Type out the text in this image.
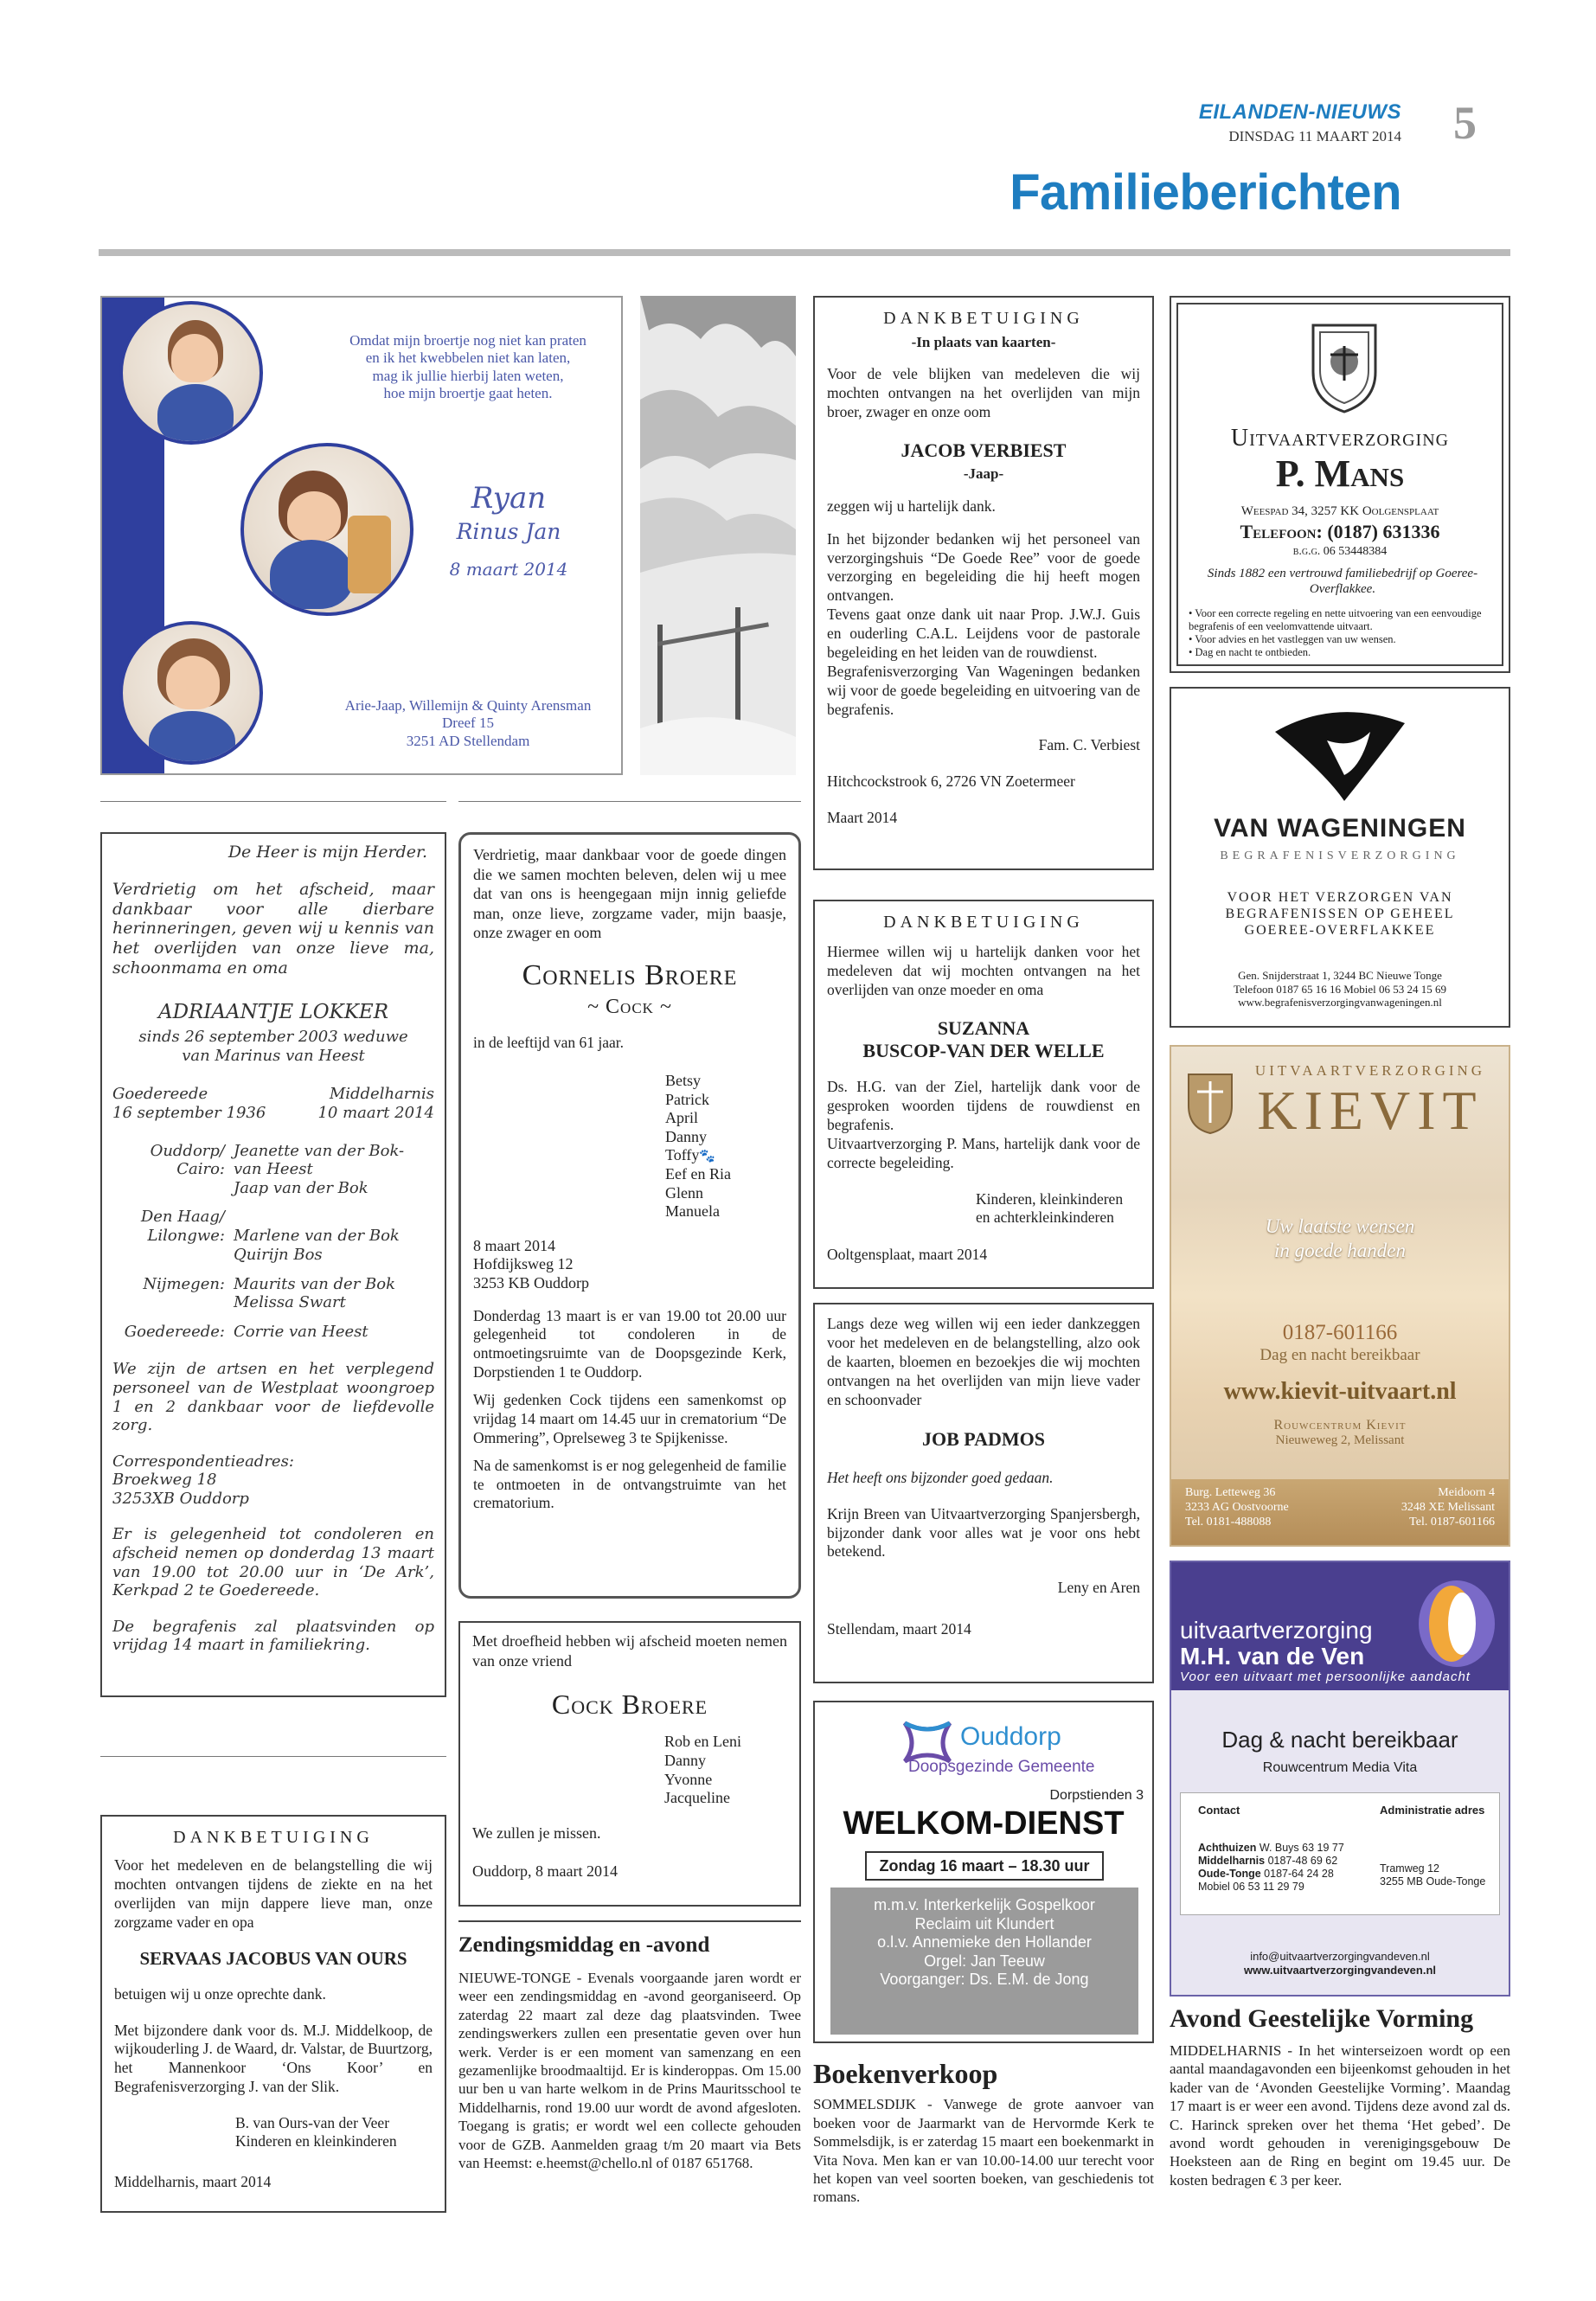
EILANDEN-NIEUWS
DINSDAG 11 MAART 2014 5
Familieberichten
Omdat mijn broertje nog niet kan praten
en ik het kwebbelen niet kan laten,
mag ik jullie hierbij laten weten,
hoe mijn broertje gaat heten.
Ryan
Rinus Jan
8 maart 2014
Arie-Jaap, Willemijn & Quinty Arensman
Dreef 15
3251 AD Stellendam
DANKBETUIGING
-In plaats van kaarten-
Voor de vele blijken van medeleven die wij mochten ontvangen na het overlijden van mijn broer, zwager en onze oom
JACOB VERBIEST
-Jaap-
zeggen wij u hartelijk dank.
In het bijzonder bedanken wij het personeel van verzorgingshuis “De Goede Ree” voor de goede verzorging en begeleiding die hij heeft mogen ontvangen.
Tevens gaat onze dank uit naar Prop. J.W.J. Guis en ouderling C.A.L. Leijdens voor de pastorale begeleiding en het leiden van de rouwdienst.
Begrafenisverzorging Van Wageningen bedanken wij voor de goede begeleiding en uitvoering van de begrafenis.
Fam. C. Verbiest
Hitchcockstrook 6, 2726 VN Zoetermeer
Maart 2014
Uitvaartverzorging
P. Mans
Weespad 34, 3257 KK Oolgensplaat
Telefoon: (0187) 631336
b.g.g. 06 53448384
Sinds 1882 een vertrouwd familiebedrijf op Goeree-Overflakkee.
• Voor een correcte regeling en nette uitvoering van een eenvoudige begrafenis of een veelomvattende uitvaart.
• Voor advies en het vastleggen van uw wensen.
• Dag en nacht te ontbieden.
VAN WAGENINGEN
BEGRAFENISVERZORGING
VOOR HET VERZORGEN VAN
BEGRAFENISSEN OP GEHEEL
GOEREE-OVERFLAKKEE
Gen. Snijderstraat 1, 3244 BC Nieuwe Tonge
Telefoon 0187 65 16 16 Mobiel 06 53 24 15 69
www.begrafenisverzorgingvanwageningen.nl
De Heer is mijn Herder.
Verdrietig om het afscheid, maar dankbaar voor alle dierbare herinneringen, geven wij u kennis van het overlijden van onze lieve ma, schoonmama en oma
ADRIAANTJE LOKKER
sinds 26 september 2003 weduwe
van Marinus van Heest
Goedereede
16 september 1936
Middelharnis
10 maart 2014
Ouddorp/
Cairo:
Jeanette van der Bok-
van Heest
Jaap van der Bok
Den Haag/
Lilongwe: Marlene van der Bok
Quirijn Bos
Nijmegen: Maurits van der Bok
Melissa Swart
Goedereede: Corrie van Heest
We zijn de artsen en het verplegend personeel van de Westplaat woongroep 1 en 2 dankbaar voor de liefdevolle zorg.
Correspondentieadres:
Broekweg 18
3253XB Ouddorp
Er is gelegenheid tot condoleren en afscheid nemen op donderdag 13 maart van 19.00 tot 20.00 uur in ‘De Ark’, Kerkpad 2 te Goedereede.
De begrafenis zal plaatsvinden op vrijdag 14 maart in familiekring.
Verdrietig, maar dankbaar voor de goede dingen die we samen mochten beleven, delen wij u mee dat van ons is heengegaan mijn innig geliefde man, onze lieve, zorgzame vader, mijn baasje, onze zwager en oom
Cornelis Broere
~ Cock ~
in de leeftijd van 61 jaar.
Betsy
Patrick
April
Danny
Toffy🐾
Eef en Ria
Glenn
Manuela
8 maart 2014
Hofdijksweg 12
3253 KB Ouddorp
Donderdag 13 maart is er van 19.00 tot 20.00 uur gelegenheid tot condoleren in de ontmoetingsruimte van de Doopsgezinde Kerk, Dorpstienden 1 te Ouddorp.
Wij gedenken Cock tijdens een samenkomst op vrijdag 14 maart om 14.45 uur in crematorium “De Ommering”, Oprelseweg 3 te Spijkenisse.
Na de samenkomst is er nog gelegenheid de familie te ontmoeten in de ontvangstruimte van het crematorium.
DANKBETUIGING
Hiermee willen wij u hartelijk danken voor het medeleven dat wij mochten ontvangen na het overlijden van onze moeder en oma
SUZANNA
BUSCOP-VAN DER WELLE
Ds. H.G. van der Ziel, hartelijk dank voor de gesproken woorden tijdens de rouwdienst en begrafenis.
Uitvaartverzorging P. Mans, hartelijk dank voor de correcte begeleiding.
Kinderen, kleinkinderen
en achterkleinkinderen
Ooltgensplaat, maart 2014
UITVAARTVERZORGING
KIEVIT
Uw laatste wensen
in goede handen
0187-601166
Dag en nacht bereikbaar
www.kievit-uitvaart.nl
Rouwcentrum Kievit
Nieuweweg 2, Melissant
Burg. Letteweg 36
3233 AG Oostvoorne
Tel. 0181-488088
Meidoorn 4
3248 XE Melissant
Tel. 0187-601166
Langs deze weg willen wij een ieder dankzeggen voor het medeleven en de belangstelling, alzo ook de kaarten, bloemen en bezoekjes die wij mochten ontvangen na het overlijden van mijn lieve vader en schoonvader
JOB PADMOS
Het heeft ons bijzonder goed gedaan.
Krijn Breen van Uitvaartverzorging Spanjersbergh, bijzonder dank voor alles wat je voor ons hebt betekend.
Leny en Aren
Stellendam, maart 2014
Met droefheid hebben wij afscheid moeten nemen van onze vriend
Cock Broere
Rob en Leni
Danny
Yvonne
Jacqueline
We zullen je missen.
Ouddorp, 8 maart 2014
DANKBETUIGING
Voor het medeleven en de belangstelling die wij mochten ontvangen tijdens de ziekte en na het overlijden van mijn dappere lieve man, onze zorgzame vader en opa
SERVAAS JACOBUS VAN OURS
betuigen wij u onze oprechte dank.
Met bijzondere dank voor ds. M.J. Middelkoop, de wijkouderling J. de Waard, dr. Valstar, de Buurtzorg, het Mannenkoor ‘Ons Koor’ en Begrafenisverzorging J. van der Slik.
B. van Ours-van der Veer
Kinderen en kleinkinderen
Middelharnis, maart 2014
Zendingsmiddag en -avond
NIEUWE-TONGE - Evenals voorgaande jaren wordt er weer een zendingsmiddag en -avond georganiseerd. Op zaterdag 22 maart zal deze dag plaatsvinden. Twee zendingswerkers zullen een presentatie geven over hun werk. Verder is er een moment van samenzang en een gezamenlijke broodmaaltijd. Er is kinderoppas. Om 15.00 uur ben u van harte welkom in de Prins Mauritsschool te Middelharnis, rond 19.00 uur wordt de avond afgesloten. Toegang is gratis; er wordt wel een collecte gehouden voor de GZB. Aanmelden graag t/m 20 maart via Bets van Heemst: e.heemst@chello.nl of 0187 651768.
Ouddorp
Doopsgezinde Gemeente
Dorpstienden 3
WELKOM-DIENST
Zondag 16 maart – 18.30 uur
m.m.v. Interkerkelijk Gospelkoor
Reclaim uit Klundert
o.l.v. Annemieke den Hollander
Orgel: Jan Teeuw
Voorganger: Ds. E.M. de Jong
Boekenverkoop
SOMMELSDIJK - Vanwege de grote aanvoer van boeken voor de Jaarmarkt van de Hervormde Kerk te Sommelsdijk, is er zaterdag 15 maart een boekenmarkt in Vita Nova. Men kan er van 10.00-14.00 uur terecht voor het kopen van veel soorten boeken, van geschiedenis tot romans.
uitvaartverzorging
M.H. van de Ven
Voor een uitvaart met persoonlijke aandacht
Dag & nacht bereikbaar
Rouwcentrum Media Vita
Contact	Administratie adres
Achthuizen W. Buys 63 19 77
Middelharnis 0187-48 69 62
Oude-Tonge 0187-64 24 28
Mobiel 06 53 11 29 79
Tramweg 12
3255 MB Oude-Tonge
info@uitvaartverzorgingvandeven.nl
www.uitvaartverzorgingvandeven.nl
Avond Geestelijke Vorming
MIDDELHARNIS - In het winterseizoen wordt op een aantal maandagavonden een bijeenkomst gehouden in het kader van de ‘Avonden Geestelijke Vorming’. Maandag 17 maart is er weer een avond. Tijdens deze avond zal ds. C. Harinck spreken over het thema ‘Het gebed’. De avond wordt gehouden in verenigingsgebouw De Hoeksteen aan de Ring en begint om 19.45 uur. De kosten bedragen € 3 per keer.
